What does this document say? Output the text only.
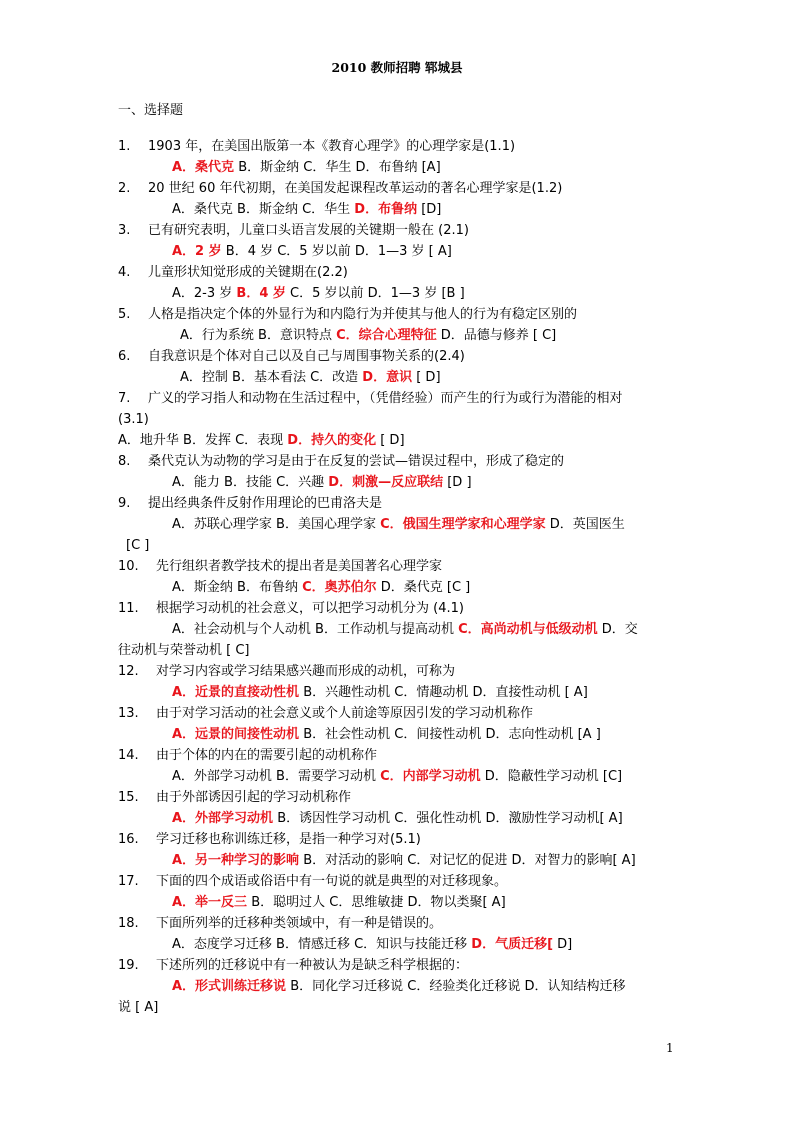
2010 教师招聘 郓城县
一、选择题
1. 1903 年，在美国出版第一本《教育心理学》的心理学家是(1.1)
A．桑代克 B．斯金纳 C．华生 D．布鲁纳 [A]
2. 20 世纪 60 年代初期，在美国发起课程改革运动的著名心理学家是(1.2)
A．桑代克 B．斯金纳 C．华生 D．布鲁纳 [D]
3. 已有研究表明，儿童口头语言发展的关键期一般在 (2.1)
A．2 岁 B．4 岁 C．5 岁以前 D．1—3 岁 [ A]
4. 儿童形状知觉形成的关键期在(2.2)
A．2-3 岁 B．4 岁 C．5 岁以前 D．1—3 岁 [B ]
5. 人格是指决定个体的外显行为和内隐行为并使其与他人的行为有稳定区别的
A．行为系统 B．意识特点 C．综合心理特征 D．品德与修养 [ C]
6. 自我意识是个体对自己以及自己与周围事物关系的(2.4)
A．控制 B．基本看法 C．改造 D．意识 [ D]
7. 广义的学习指人和动物在生活过程中，（凭借经验）而产生的行为或行为潜能的相对
(3.1)
A．地升华 B．发挥 C．表现 D．持久的变化 [ D]
8. 桑代克认为动物的学习是由于在反复的尝试—错误过程中，形成了稳定的
A．能力 B．技能 C．兴趣 D．刺激—反应联结 [D ]
9. 提出经典条件反射作用理论的巴甫洛夫是
A．苏联心理学家 B．美国心理学家 C．俄国生理学家和心理学家 D．英国医生
[C ]
10. 先行组织者教学技术的提出者是美国著名心理学家
A．斯金纳 B．布鲁纳 C．奥苏伯尔 D．桑代克 [C ]
11. 根据学习动机的社会意义，可以把学习动机分为 (4.1)
A．社会动机与个人动机 B．工作动机与提高动机 C．高尚动机与低级动机 D．交
往动机与荣誉动机 [ C]
12. 对学习内容或学习结果感兴趣而形成的动机，可称为
A．近景的直接动性机 B．兴趣性动机 C．情趣动机 D．直接性动机 [ A]
13. 由于对学习活动的社会意义或个人前途等原因引发的学习动机称作
A．远景的间接性动机 B．社会性动机 C．间接性动机 D．志向性动机 [A ]
14. 由于个体的内在的需要引起的动机称作
A．外部学习动机 B．需要学习动机 C．内部学习动机 D．隐蔽性学习动机 [C]
15. 由于外部诱因引起的学习动机称作
A．外部学习动机 B．诱因性学习动机 C．强化性动机 D．激励性学习动机[ A]
16. 学习迁移也称训练迁移，是指一种学习对(5.1)
A．另一种学习的影响 B．对活动的影响 C．对记忆的促进 D．对智力的影响[ A]
17. 下面的四个成语或俗语中有一句说的就是典型的对迁移现象。
A．举一反三 B．聪明过人 C．思维敏捷 D．物以类聚[ A]
18. 下面所列举的迁移种类领域中，有一种是错误的。
A．态度学习迁移 B．情感迁移 C．知识与技能迁移 D．气质迁移[ D]
19. 下述所列的迁移说中有一种被认为是缺乏科学根据的：
A．形式训练迁移说 B．同化学习迁移说 C．经验类化迁移说 D．认知结构迁移
说 [ A]
1
